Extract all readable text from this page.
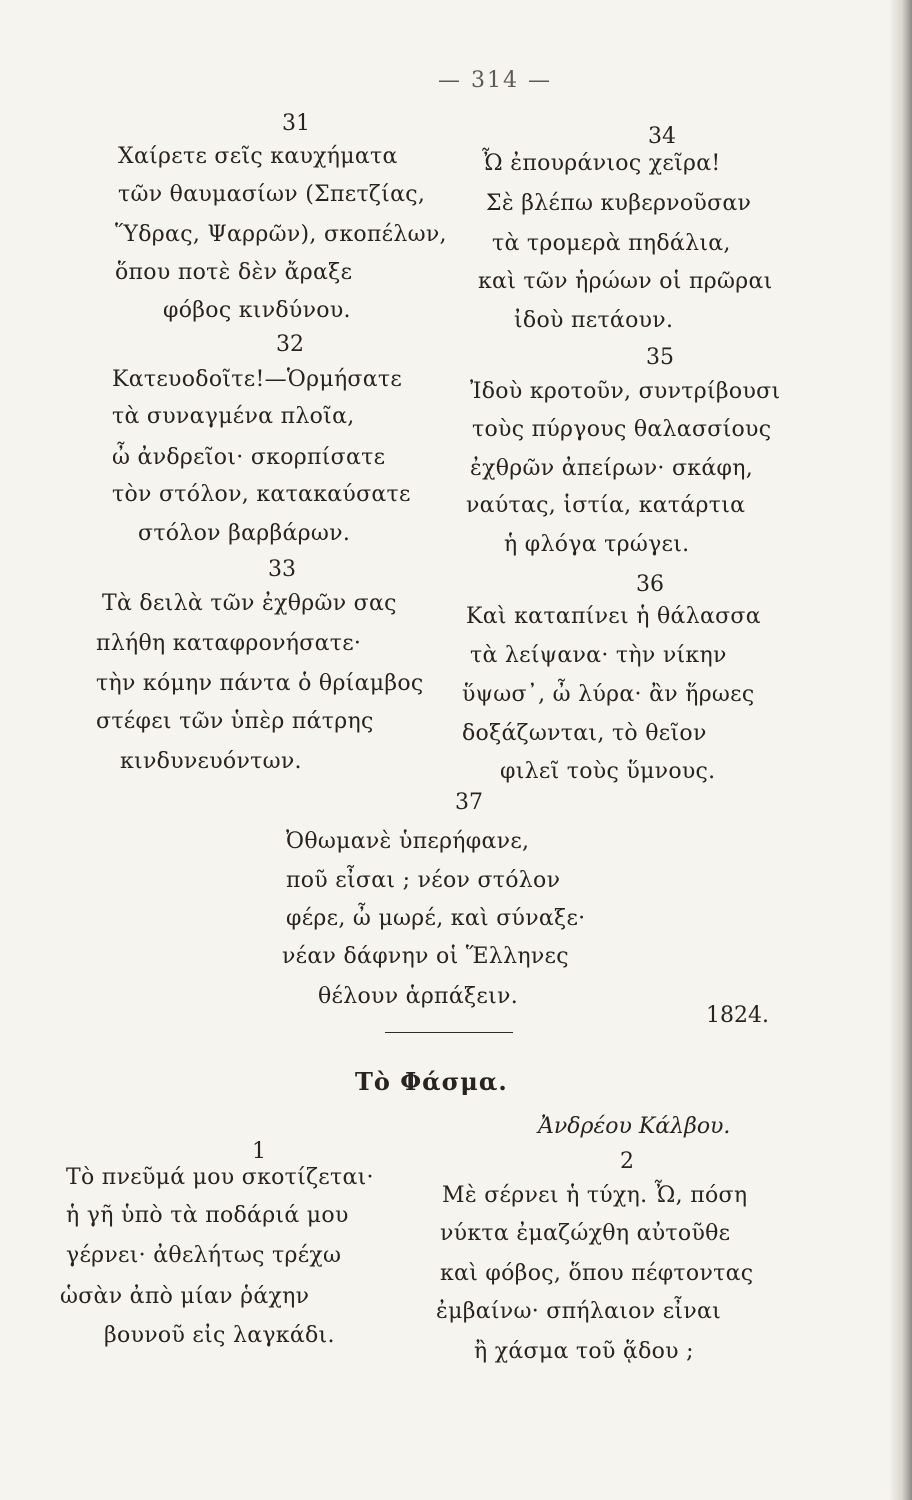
— 314 —
31
Χαίρετε σεῖς καυχήματα
τῶν θαυμασίων (Σπετζίας,
Ὕδρας, Ψαρρῶν), σκοπέλων,
ὅπου ποτὲ δὲν ἄραξε
φόβος κινδύνου.
32
Κατευοδοῖτε!—Ὁρμήσατε
τὰ συναγμένα πλοῖα,
ὦ ἀνδρεῖοι· σκορπίσατε
τὸν στόλον, κατακαύσατε
στόλον βαρβάρων.
33
Τὰ δειλὰ τῶν ἐχθρῶν σας
πλήθη καταφρονήσατε·
τὴν κόμην πάντα ὁ θρίαμβος
στέφει τῶν ὑπὲρ πάτρης
κινδυνευόντων.
34
Ὦ ἐπουράνιος χεῖρα!
Σὲ βλέπω κυβερνοῦσαν
τὰ τρομερὰ πηδάλια,
καὶ τῶν ἡρώων οἱ πρῶραι
ἰδοὺ πετάουν.
35
Ἰδοὺ κροτοῦν, συντρίβουσι
τοὺς πύργους θαλασσίους
ἐχθρῶν ἀπείρων· σκάφη,
ναύτας, ἱστία, κατάρτια
ἡ φλόγα τρώγει.
36
Καὶ καταπίνει ἡ θάλασσα
τὰ λείψανα· τὴν νίκην
ὕψωσ᾽, ὦ λύρα· ἂν ἥρωες
δοξάζωνται, τὸ θεῖον
φιλεῖ τοὺς ὕμνους.
37
Ὀθωμανὲ ὑπερήφανε,
ποῦ εἶσαι ; νέον στόλον
φέρε, ὦ μωρέ, καὶ σύναξε·
νέαν δάφνην οἱ Ἕλληνες
θέλουν ἁρπάξειν.
1824.
Τὸ Φάσμα.
Ἀνδρέου Κάλβου.
1
Τὸ πνεῦμά μου σκοτίζεται·
ἡ γῆ ὑπὸ τὰ ποδάριά μου
γέρνει· ἀθελήτως τρέχω
ὡσὰν ἀπὸ μίαν ῥάχην
βουνοῦ εἰς λαγκάδι.
2
Μὲ σέρνει ἡ τύχη. Ὦ, πόση
νύκτα ἐμαζώχθη αὐτοῦθε
καὶ φόβος, ὅπου πέφτοντας
ἐμβαίνω· σπήλαιον εἶναι
ἢ χάσμα τοῦ ᾅδου ;
